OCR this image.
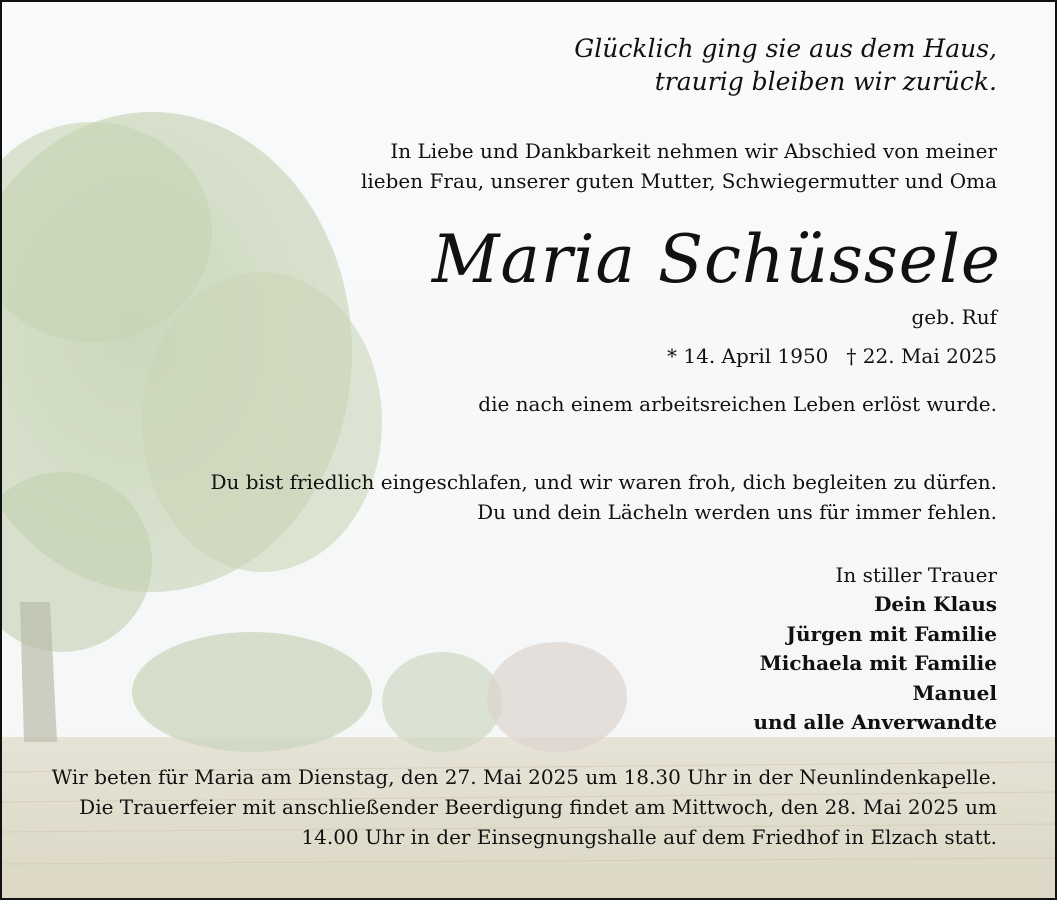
Glücklich ging sie aus dem Haus,
traurig bleiben wir zurück.
In Liebe und Dankbarkeit nehmen wir Abschied von meiner
lieben Frau, unserer guten Mutter, Schwiegermutter und Oma
Maria Schüssele
geb. Ruf
* 14. April 1950 † 22. Mai 2025
die nach einem arbeitsreichen Leben erlöst wurde.
Du bist friedlich eingeschlafen, und wir waren froh, dich begleiten zu dürfen.
Du und dein Lächeln werden uns für immer fehlen.
In stiller Trauer
Dein Klaus
Jürgen mit Familie
Michaela mit Familie
Manuel
und alle Anverwandte
Wir beten für Maria am Dienstag, den 27. Mai 2025 um 18.30 Uhr in der Neunlindenkapelle.
Die Trauerfeier mit anschließender Beerdigung findet am Mittwoch, den 28. Mai 2025 um
14.00 Uhr in der Einsegnungshalle auf dem Friedhof in Elzach statt.
